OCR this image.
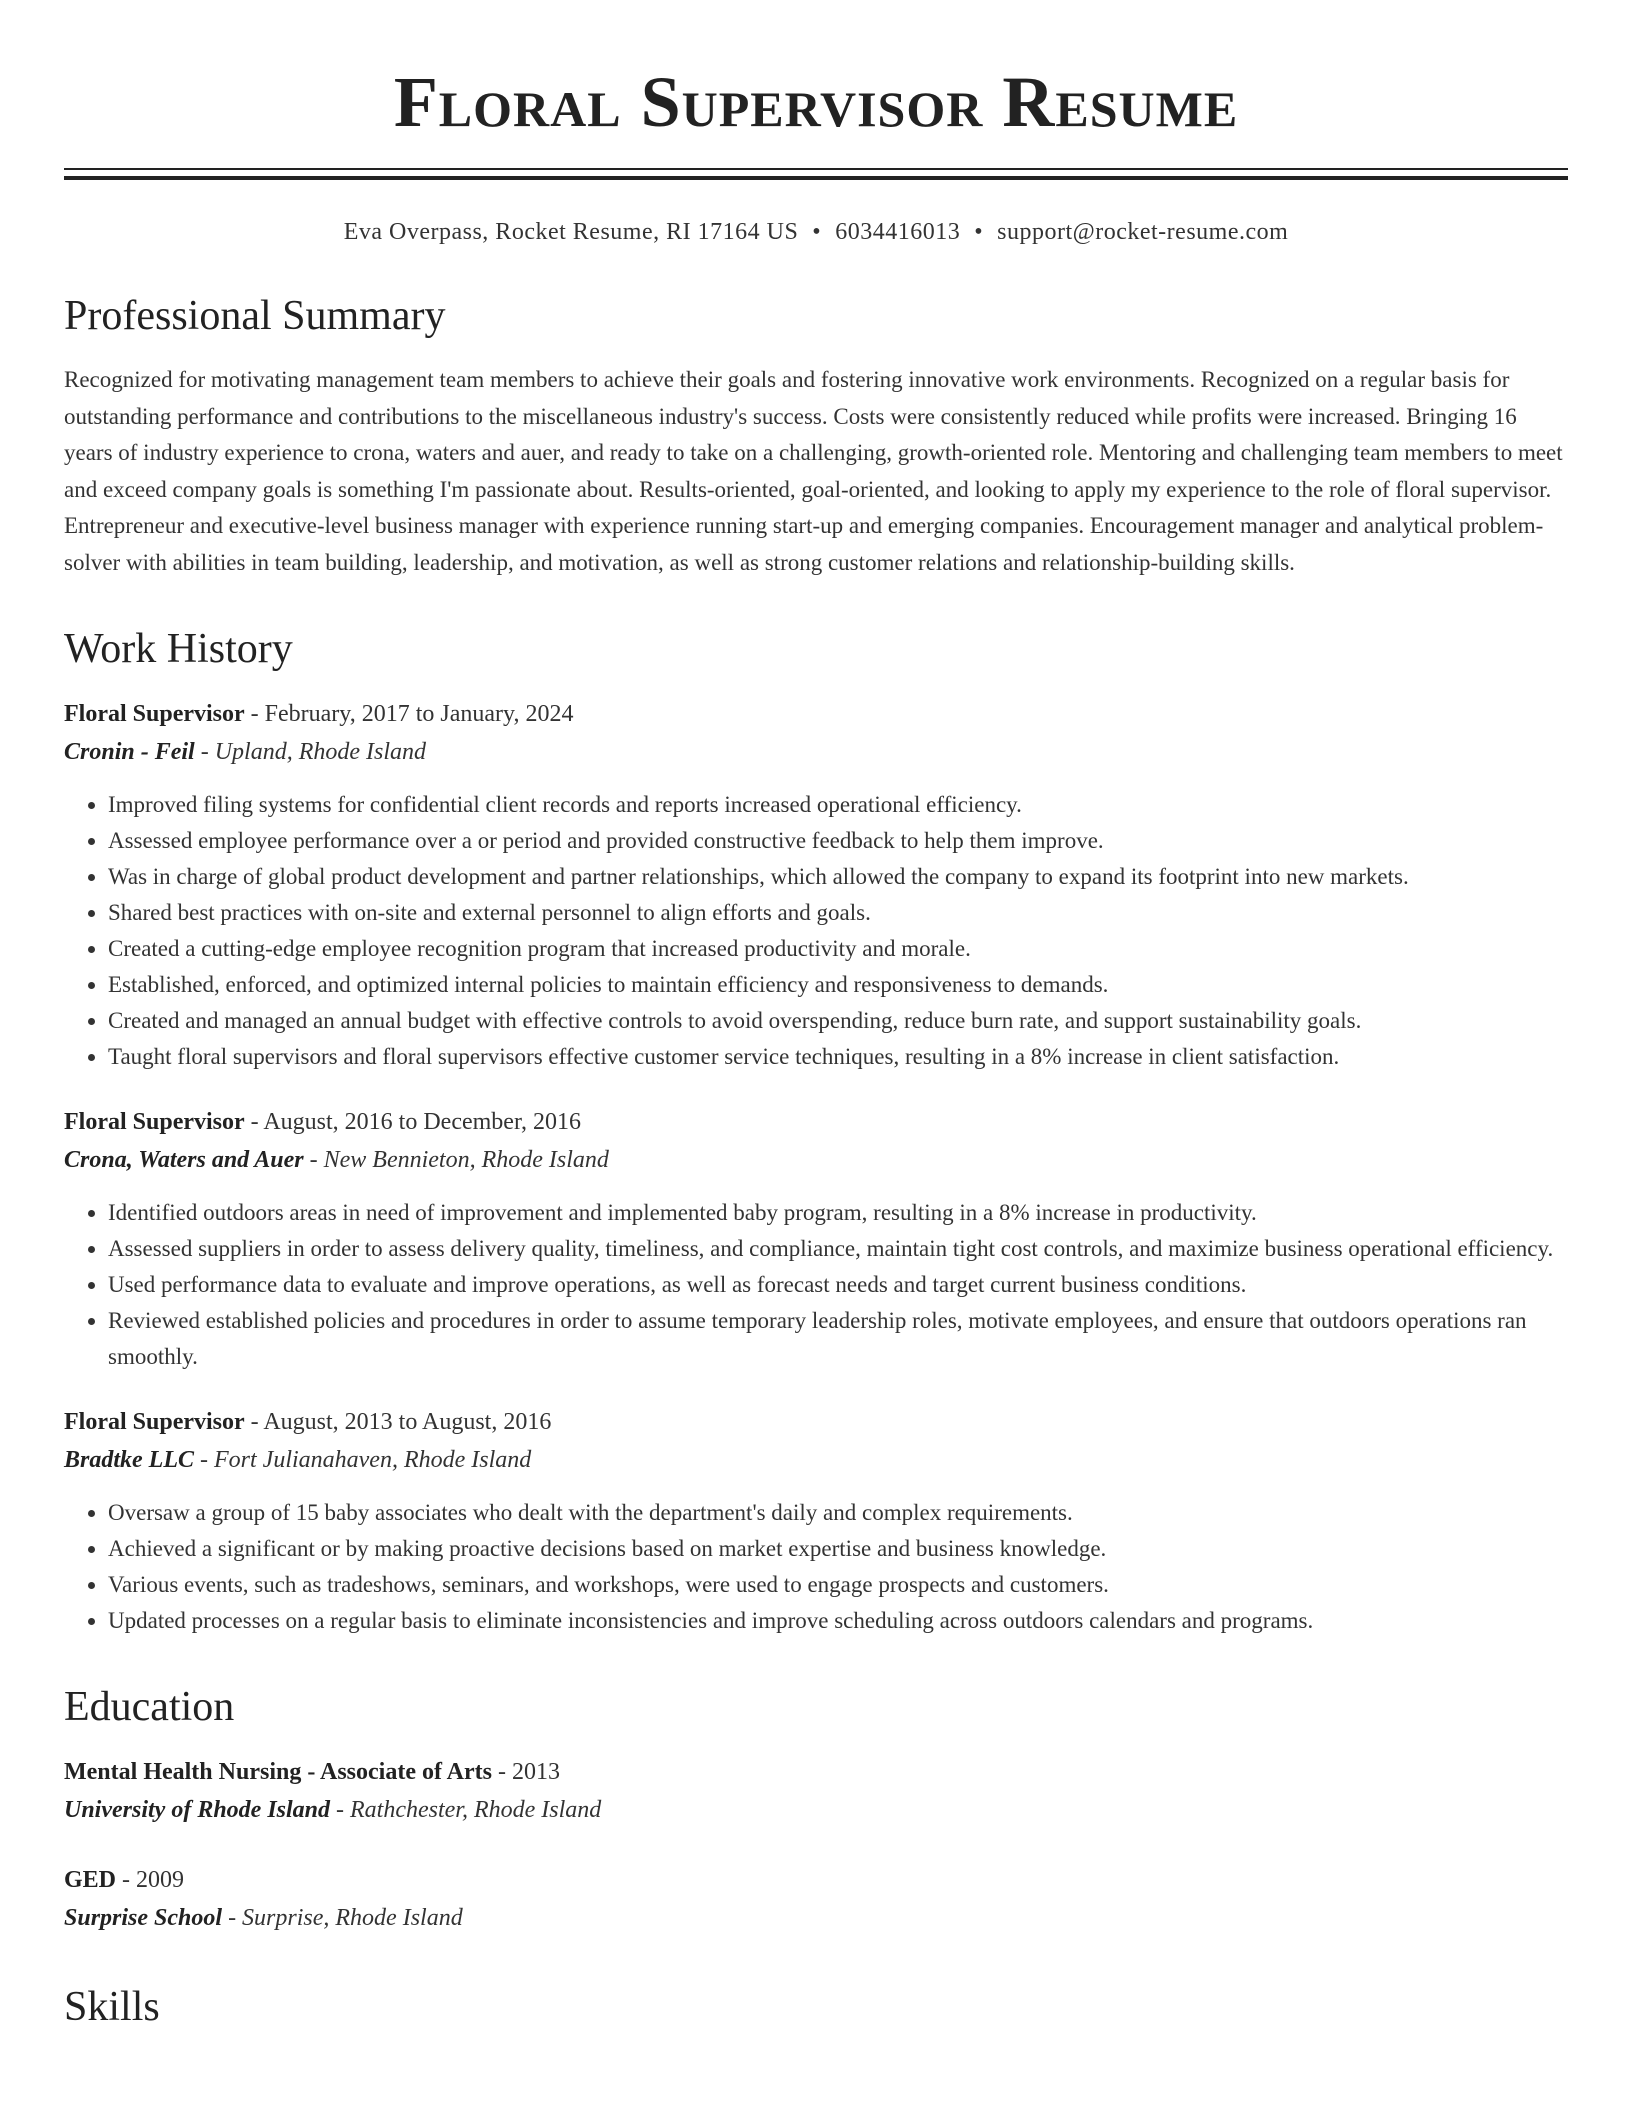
Floral Supervisor Resume
Eva Overpass, Rocket Resume, RI 17164 US • 6034416013 • support@rocket-resume.com
Professional Summary
Recognized for motivating management team members to achieve their goals and fostering innovative work environments. Recognized on a regular basis for outstanding performance and contributions to the miscellaneous industry's success. Costs were consistently reduced while profits were increased. Bringing 16 years of industry experience to crona, waters and auer, and ready to take on a challenging, growth-oriented role. Mentoring and challenging team members to meet and exceed company goals is something I'm passionate about. Results-oriented, goal-oriented, and looking to apply my experience to the role of floral supervisor. Entrepreneur and executive-level business manager with experience running start-up and emerging companies. Encouragement manager and analytical problem-solver with abilities in team building, leadership, and motivation, as well as strong customer relations and relationship-building skills.
Work History
Floral Supervisor - February, 2017 to January, 2024
Cronin - Feil - Upland, Rhode Island
• Improved filing systems for confidential client records and reports increased operational efficiency.
• Assessed employee performance over a or period and provided constructive feedback to help them improve.
• Was in charge of global product development and partner relationships, which allowed the company to expand its footprint into new markets.
• Shared best practices with on-site and external personnel to align efforts and goals.
• Created a cutting-edge employee recognition program that increased productivity and morale.
• Established, enforced, and optimized internal policies to maintain efficiency and responsiveness to demands.
• Created and managed an annual budget with effective controls to avoid overspending, reduce burn rate, and support sustainability goals.
• Taught floral supervisors and floral supervisors effective customer service techniques, resulting in a 8% increase in client satisfaction.
Floral Supervisor - August, 2016 to December, 2016
Crona, Waters and Auer - New Bennieton, Rhode Island
• Identified outdoors areas in need of improvement and implemented baby program, resulting in a 8% increase in productivity.
• Assessed suppliers in order to assess delivery quality, timeliness, and compliance, maintain tight cost controls, and maximize business operational efficiency.
• Used performance data to evaluate and improve operations, as well as forecast needs and target current business conditions.
• Reviewed established policies and procedures in order to assume temporary leadership roles, motivate employees, and ensure that outdoors operations ran smoothly.
Floral Supervisor - August, 2013 to August, 2016
Bradtke LLC - Fort Julianahaven, Rhode Island
• Oversaw a group of 15 baby associates who dealt with the department's daily and complex requirements.
• Achieved a significant or by making proactive decisions based on market expertise and business knowledge.
• Various events, such as tradeshows, seminars, and workshops, were used to engage prospects and customers.
• Updated processes on a regular basis to eliminate inconsistencies and improve scheduling across outdoors calendars and programs.
Education
Mental Health Nursing - Associate of Arts - 2013
University of Rhode Island - Rathchester, Rhode Island
GED - 2009
Surprise School - Surprise, Rhode Island
Skills
